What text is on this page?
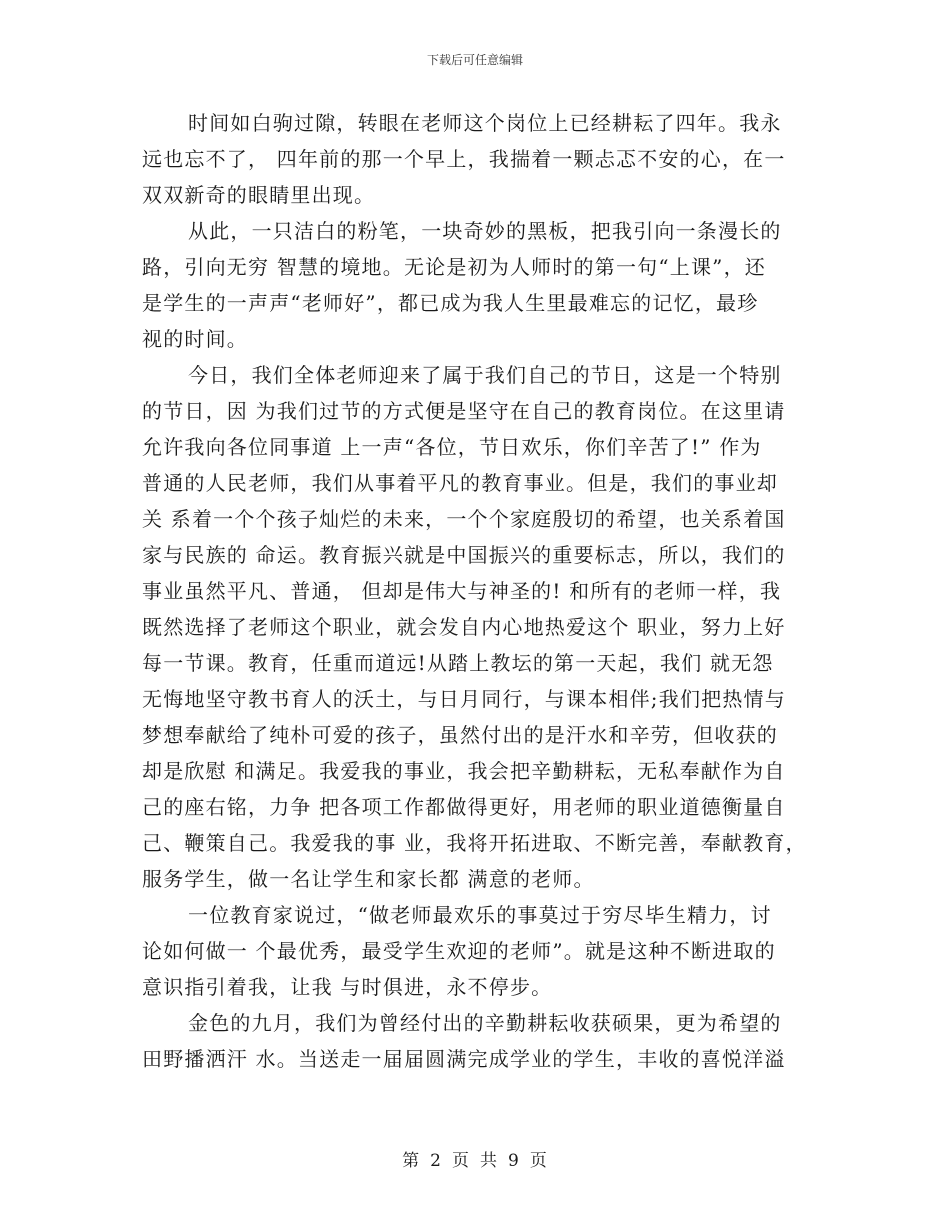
下载后可任意编辑
时间如白驹过隙，转眼在老师这个岗位上已经耕耘了四年。我永
远也忘不了， 四年前的那一个早上，我揣着一颗忐忑不安的心，在一
双双新奇的眼睛里出现。
从此，一只洁白的粉笔，一块奇妙的黑板，把我引向一条漫长的
路，引向无穷 智慧的境地。无论是初为人师时的第一句“上课”，还
是学生的一声声“老师好”，都已成为我人生里最难忘的记忆，最珍
视的时间。
今日，我们全体老师迎来了属于我们自己的节日，这是一个特别
的节日，因 为我们过节的方式便是坚守在自己的教育岗位。在这里请
允许我向各位同事道 上一声“各位，节日欢乐，你们辛苦了!” 作为
普通的人民老师，我们从事着平凡的教育事业。但是，我们的事业却
关 系着一个个孩子灿烂的未来，一个个家庭殷切的希望，也关系着国
家与民族的 命运。教育振兴就是中国振兴的重要标志，所以，我们的
事业虽然平凡、普通， 但却是伟大与神圣的! 和所有的老师一样，我
既然选择了老师这个职业，就会发自内心地热爱这个 职业，努力上好
每一节课。教育，任重而道远!从踏上教坛的第一天起，我们 就无怨
无悔地坚守教书育人的沃土，与日月同行，与课本相伴;我们把热情与
梦想奉献给了纯朴可爱的孩子，虽然付出的是汗水和辛劳，但收获的
却是欣慰 和满足。我爱我的事业，我会把辛勤耕耘，无私奉献作为自
己的座右铭，力争 把各项工作都做得更好，用老师的职业道德衡量自
己、鞭策自己。我爱我的事 业，我将开拓进取、不断完善，奉献教育，
服务学生，做一名让学生和家长都 满意的老师。
一位教育家说过，“做老师最欢乐的事莫过于穷尽毕生精力，讨
论如何做一 个最优秀，最受学生欢迎的老师”。就是这种不断进取的
意识指引着我，让我 与时俱进，永不停步。
金色的九月，我们为曾经付出的辛勤耕耘收获硕果，更为希望的
田野播洒汗 水。当送走一届届圆满完成学业的学生，丰收的喜悦洋溢
第 2 页 共 9 页
